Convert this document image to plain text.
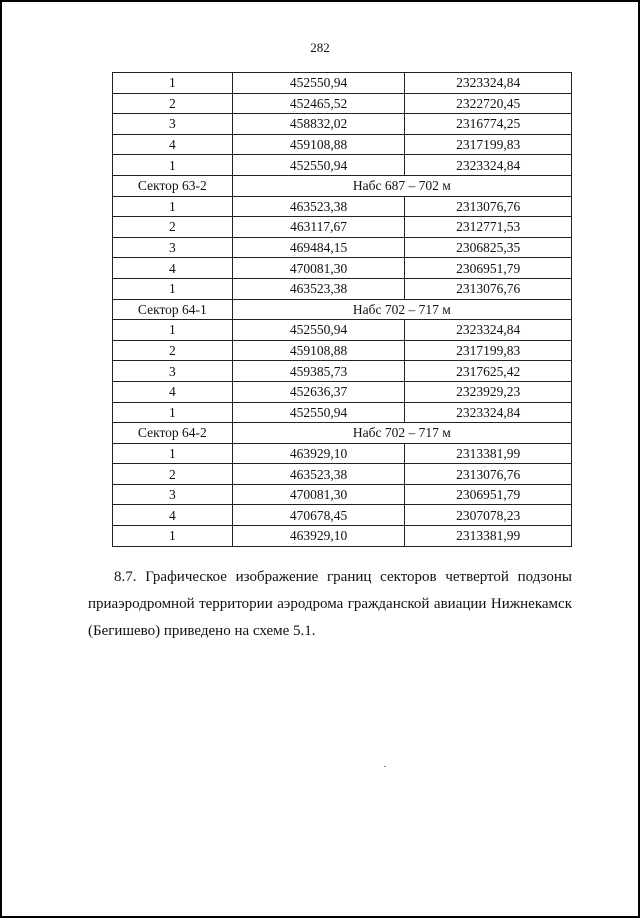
282
1	452550,94	2323324,84
2	452465,52	2322720,45
3	458832,02	2316774,25
4	459108,88	2317199,83
1	452550,94	2323324,84
Сектор 63-2	Набс 687 – 702 м	
1	463523,38	2313076,76
2	463117,67	2312771,53
3	469484,15	2306825,35
4	470081,30	2306951,79
1	463523,38	2313076,76
Сектор 64-1	Набс 702 – 717 м	
1	452550,94	2323324,84
2	459108,88	2317199,83
3	459385,73	2317625,42
4	452636,37	2323929,23
1	452550,94	2323324,84
Сектор 64-2	Набс 702 – 717 м	
1	463929,10	2313381,99
2	463523,38	2313076,76
3	470081,30	2306951,79
4	470678,45	2307078,23
1	463929,10	2313381,99

8.7. Графическое изображение границ секторов четвертой подзоны приаэродромной территории аэродрома гражданской авиации Нижнекамск (Бегишево) приведено на схеме 5.1.
